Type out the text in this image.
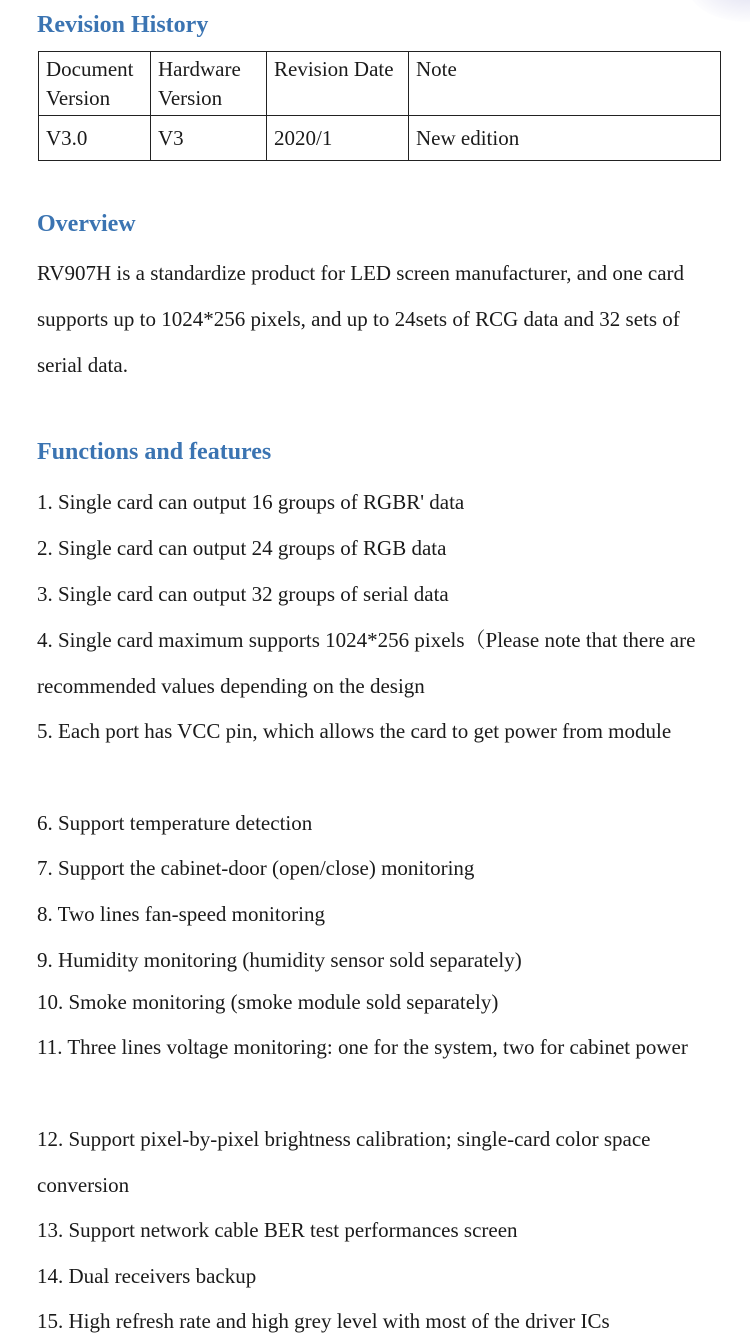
Revision History
Document Version	Hardware Version	Revision Date	Note
V3.0	V3	2020/1	New edition
Overview

RV907H is a standardize product for LED screen manufacturer, and one card supports up to 1024*256 pixels, and up to 24sets of RCG data and 32 sets of serial data.

Functions and features

1. Single card can output 16 groups of RGBR' data

2. Single card can output 24 groups of RGB data

3. Single card can output 32 groups of serial data

4. Single card maximum supports 1024*256 pixels（Please note that there are recommended values depending on the design

5. Each port has VCC pin, which allows the card to get power from module

6. Support temperature detection

7. Support the cabinet-door (open/close) monitoring

8. Two lines fan-speed monitoring

9. Humidity monitoring (humidity sensor sold separately)

10. Smoke monitoring (smoke module sold separately)

11. Three lines voltage monitoring: one for the system, two for cabinet power

12. Support pixel-by-pixel brightness calibration; single-card color space conversion

13. Support network cable BER test performances screen

14. Dual receivers backup

15. High refresh rate and high grey level with most of the driver ICs
